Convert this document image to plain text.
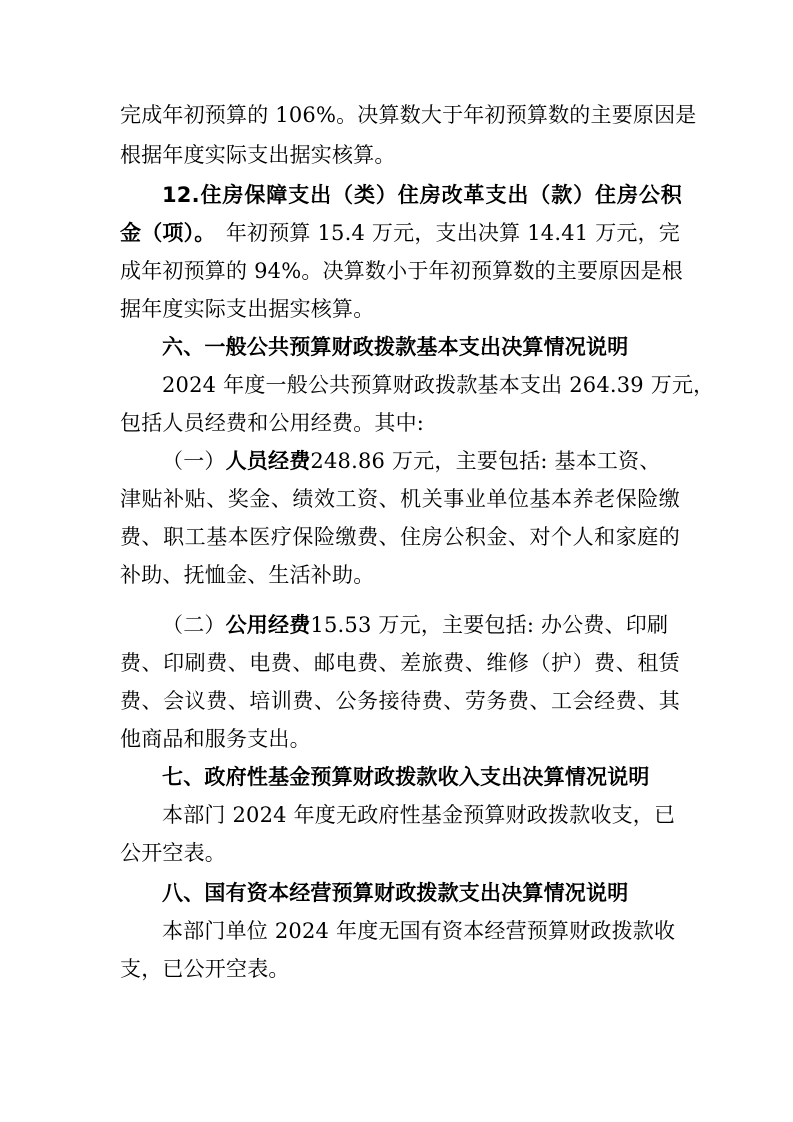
完成年初预算的 106%。决算数大于年初预算数的主要原因是
根据年度实际支出据实核算。
12.住房保障支出（类）住房改革支出（款）住房公积
金（项）。 年初预算 15.4 万元，支出决算 14.41 万元，完
成年初预算的 94%。决算数小于年初预算数的主要原因是根
据年度实际支出据实核算。
六、一般公共预算财政拨款基本支出决算情况说明
2024 年度一般公共预算财政拨款基本支出 264.39 万元，
包括人员经费和公用经费。其中:
（一）人员经费248.86 万元，主要包括: 基本工资、
津贴补贴、奖金、绩效工资、机关事业单位基本养老保险缴
费、职工基本医疗保险缴费、住房公积金、对个人和家庭的
补助、抚恤金、生活补助。
（二）公用经费15.53 万元，主要包括: 办公费、印刷
费、印刷费、电费、邮电费、差旅费、维修（护）费、租赁
费、会议费、培训费、公务接待费、劳务费、工会经费、其
他商品和服务支出。
七、政府性基金预算财政拨款收入支出决算情况说明
本部门 2024 年度无政府性基金预算财政拨款收支，已
公开空表。
八、国有资本经营预算财政拨款支出决算情况说明
本部门单位 2024 年度无国有资本经营预算财政拨款收
支，已公开空表。
